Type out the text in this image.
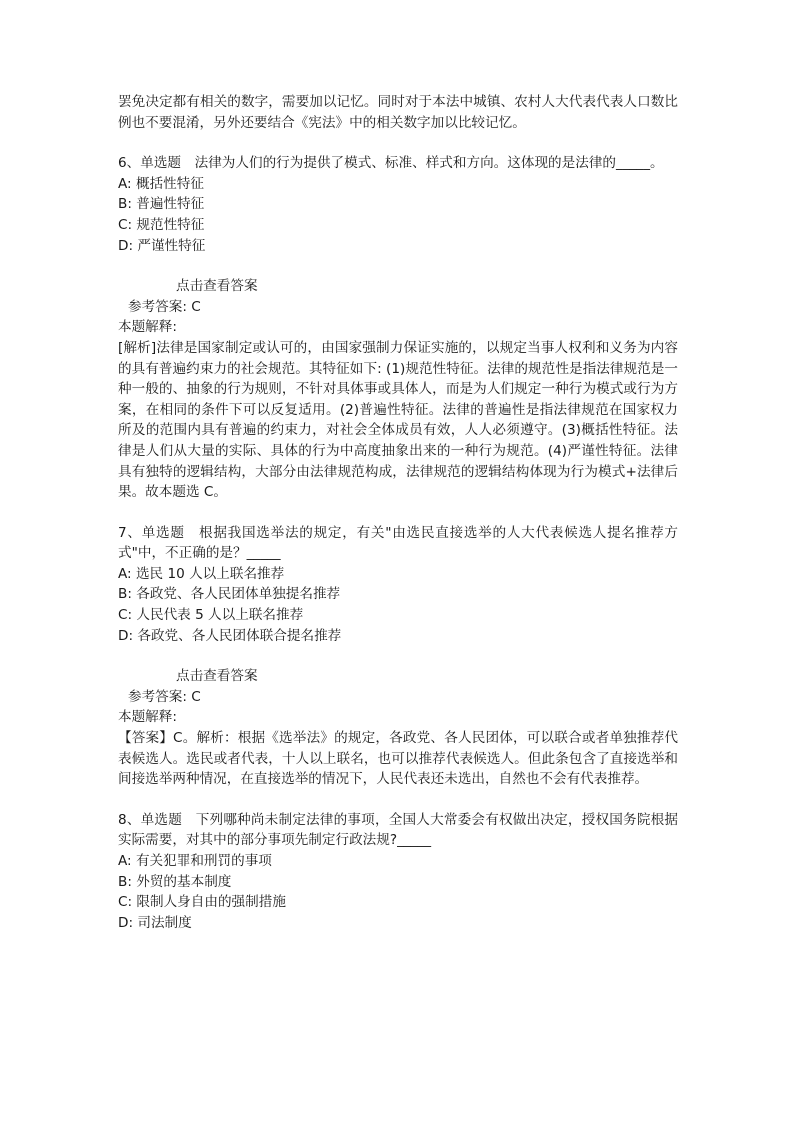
罢免决定都有相关的数字，需要加以记忆。同时对于本法中城镇、农村人大代表代表人口数比例也不要混淆，另外还要结合《宪法》中的相关数字加以比较记忆。

6、单选题　法律为人们的行为提供了模式、标准、样式和方向。这体现的是法律的_____。

A: 概括性特征

B: 普遍性特征

C: 规范性特征

D: 严谨性特征

点击查看答案

参考答案: C

本题解释:

[解析]法律是国家制定或认可的，由国家强制力保证实施的，以规定当事人权利和义务为内容的具有普遍约束力的社会规范。其特征如下: (1)规范性特征。法律的规范性是指法律规范是一种一般的、抽象的行为规则，不针对具体事或具体人，而是为人们规定一种行为模式或行为方案，在相同的条件下可以反复适用。(2)普遍性特征。法律的普遍性是指法律规范在国家权力所及的范围内具有普遍的约束力，对社会全体成员有效，人人必须遵守。(3)概括性特征。法律是人们从大量的实际、具体的行为中高度抽象出来的一种行为规范。(4)严谨性特征。法律具有独特的逻辑结构，大部分由法律规范构成，法律规范的逻辑结构体现为行为模式+法律后果。故本题选 C。

7、单选题　根据我国选举法的规定，有关"由选民直接选举的人大代表候选人提名推荐方式"中，不正确的是？_____

A: 选民 10 人以上联名推荐

B: 各政党、各人民团体单独提名推荐

C: 人民代表 5 人以上联名推荐

D: 各政党、各人民团体联合提名推荐

点击查看答案

参考答案: C

本题解释:

【答案】C。解析：根据《选举法》的规定，各政党、各人民团体，可以联合或者单独推荐代表候选人。选民或者代表，十人以上联名，也可以推荐代表候选人。但此条包含了直接选举和间接选举两种情况，在直接选举的情况下，人民代表还未选出，自然也不会有代表推荐。

8、单选题　下列哪种尚未制定法律的事项，全国人大常委会有权做出决定，授权国务院根据实际需要，对其中的部分事项先制定行政法规?_____

A: 有关犯罪和刑罚的事项

B: 外贸的基本制度

C: 限制人身自由的强制措施

D: 司法制度
